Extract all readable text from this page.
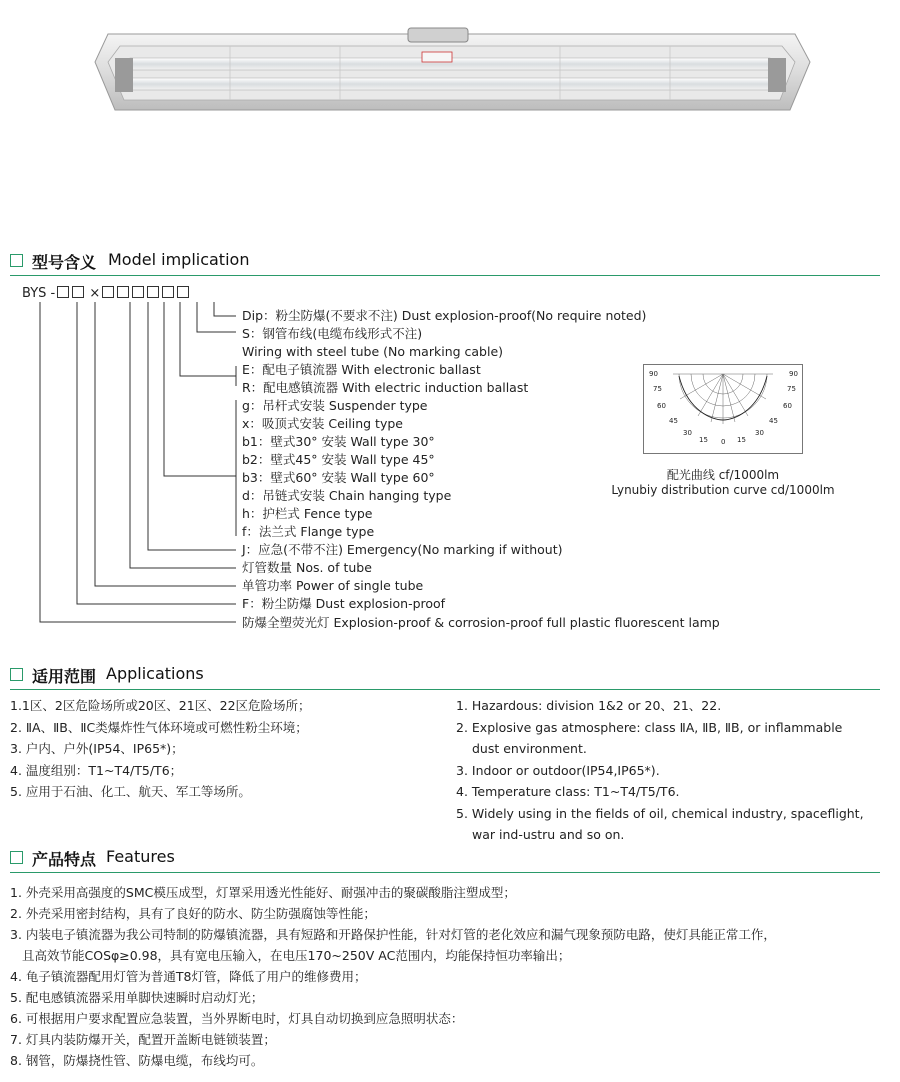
型号含义 Model implication
BYS -	×
Dip：粉尘防爆(不要求不注) Dust explosion-proof(No require noted)
S：钢管布线(电缆布线形式不注)
Wiring with steel tube (No marking cable)
E：配电子镇流器 With electronic ballast
R：配电感镇流器 With electric induction ballast
g：吊杆式安装 Suspender type
x：吸顶式安装 Ceiling type
b1：壁式30° 安装 Wall type 30°
b2：壁式45° 安装 Wall type 45°
b3：壁式60° 安装 Wall type 60°
d：吊链式安装 Chain hanging type
h：护栏式 Fence type
f：法兰式 Flange type
J：应急(不带不注) Emergency(No marking if without)
灯管数量 Nos. of tube
单管功率 Power of single tube
F：粉尘防爆 Dust explosion-proof
防爆全塑荧光灯 Explosion-proof & corrosion-proof full plastic fluorescent lamp
90
75
60
45
30
15 0 15
30
45
60
75
90
配光曲线 cf/1000lm
Lynubiy distribution curve cd/1000lm
适用范围 Applications
1.1区、2区危险场所或20区、21区、22区危险场所；
2. ⅡA、ⅡB、ⅡC类爆炸性气体环境或可燃性粉尘环境；
3. 户内、户外(IP54、IP65*)；
4. 温度组别：T1~T4/T5/T6；
5. 应用于石油、化工、航天、军工等场所。
1. Hazardous: division 1&2 or 20、21、22.
2. Explosive gas atmosphere: class ⅡA, ⅡB, ⅡB, or inflammable
dust environment.
3. Indoor or outdoor(IP54,IP65*).
4. Temperature class: T1~T4/T5/T6.
5. Widely using in the fields of oil, chemical industry, spaceflight,
war ind-ustru and so on.
产品特点 Features
1. 外壳采用高强度的SMC模压成型，灯罩采用透光性能好、耐强冲击的聚碳酸脂注塑成型；
2. 外壳采用密封结构，具有了良好的防水、防尘防强腐蚀等性能；
3. 内装电子镇流器为我公司特制的防爆镇流器，具有短路和开路保护性能，针对灯管的老化效应和漏气现象预防电路，使灯具能正常工作，
且高效节能COSφ≥0.98，具有宽电压输入，在电压170~250V AC范围内，均能保持恒功率输出；
4. 龟子镇流器配用灯管为普通T8灯管，降低了用户的维修费用；
5. 配电感镇流器采用单脚快速瞬时启动灯光；
6. 可根据用户要求配置应急装置，当外界断电时，灯具自动切换到应急照明状态：
7. 灯具内装防爆开关，配置开盖断电链锁装置；
8. 钢管，防爆挠性管、防爆电缆，布线均可。
